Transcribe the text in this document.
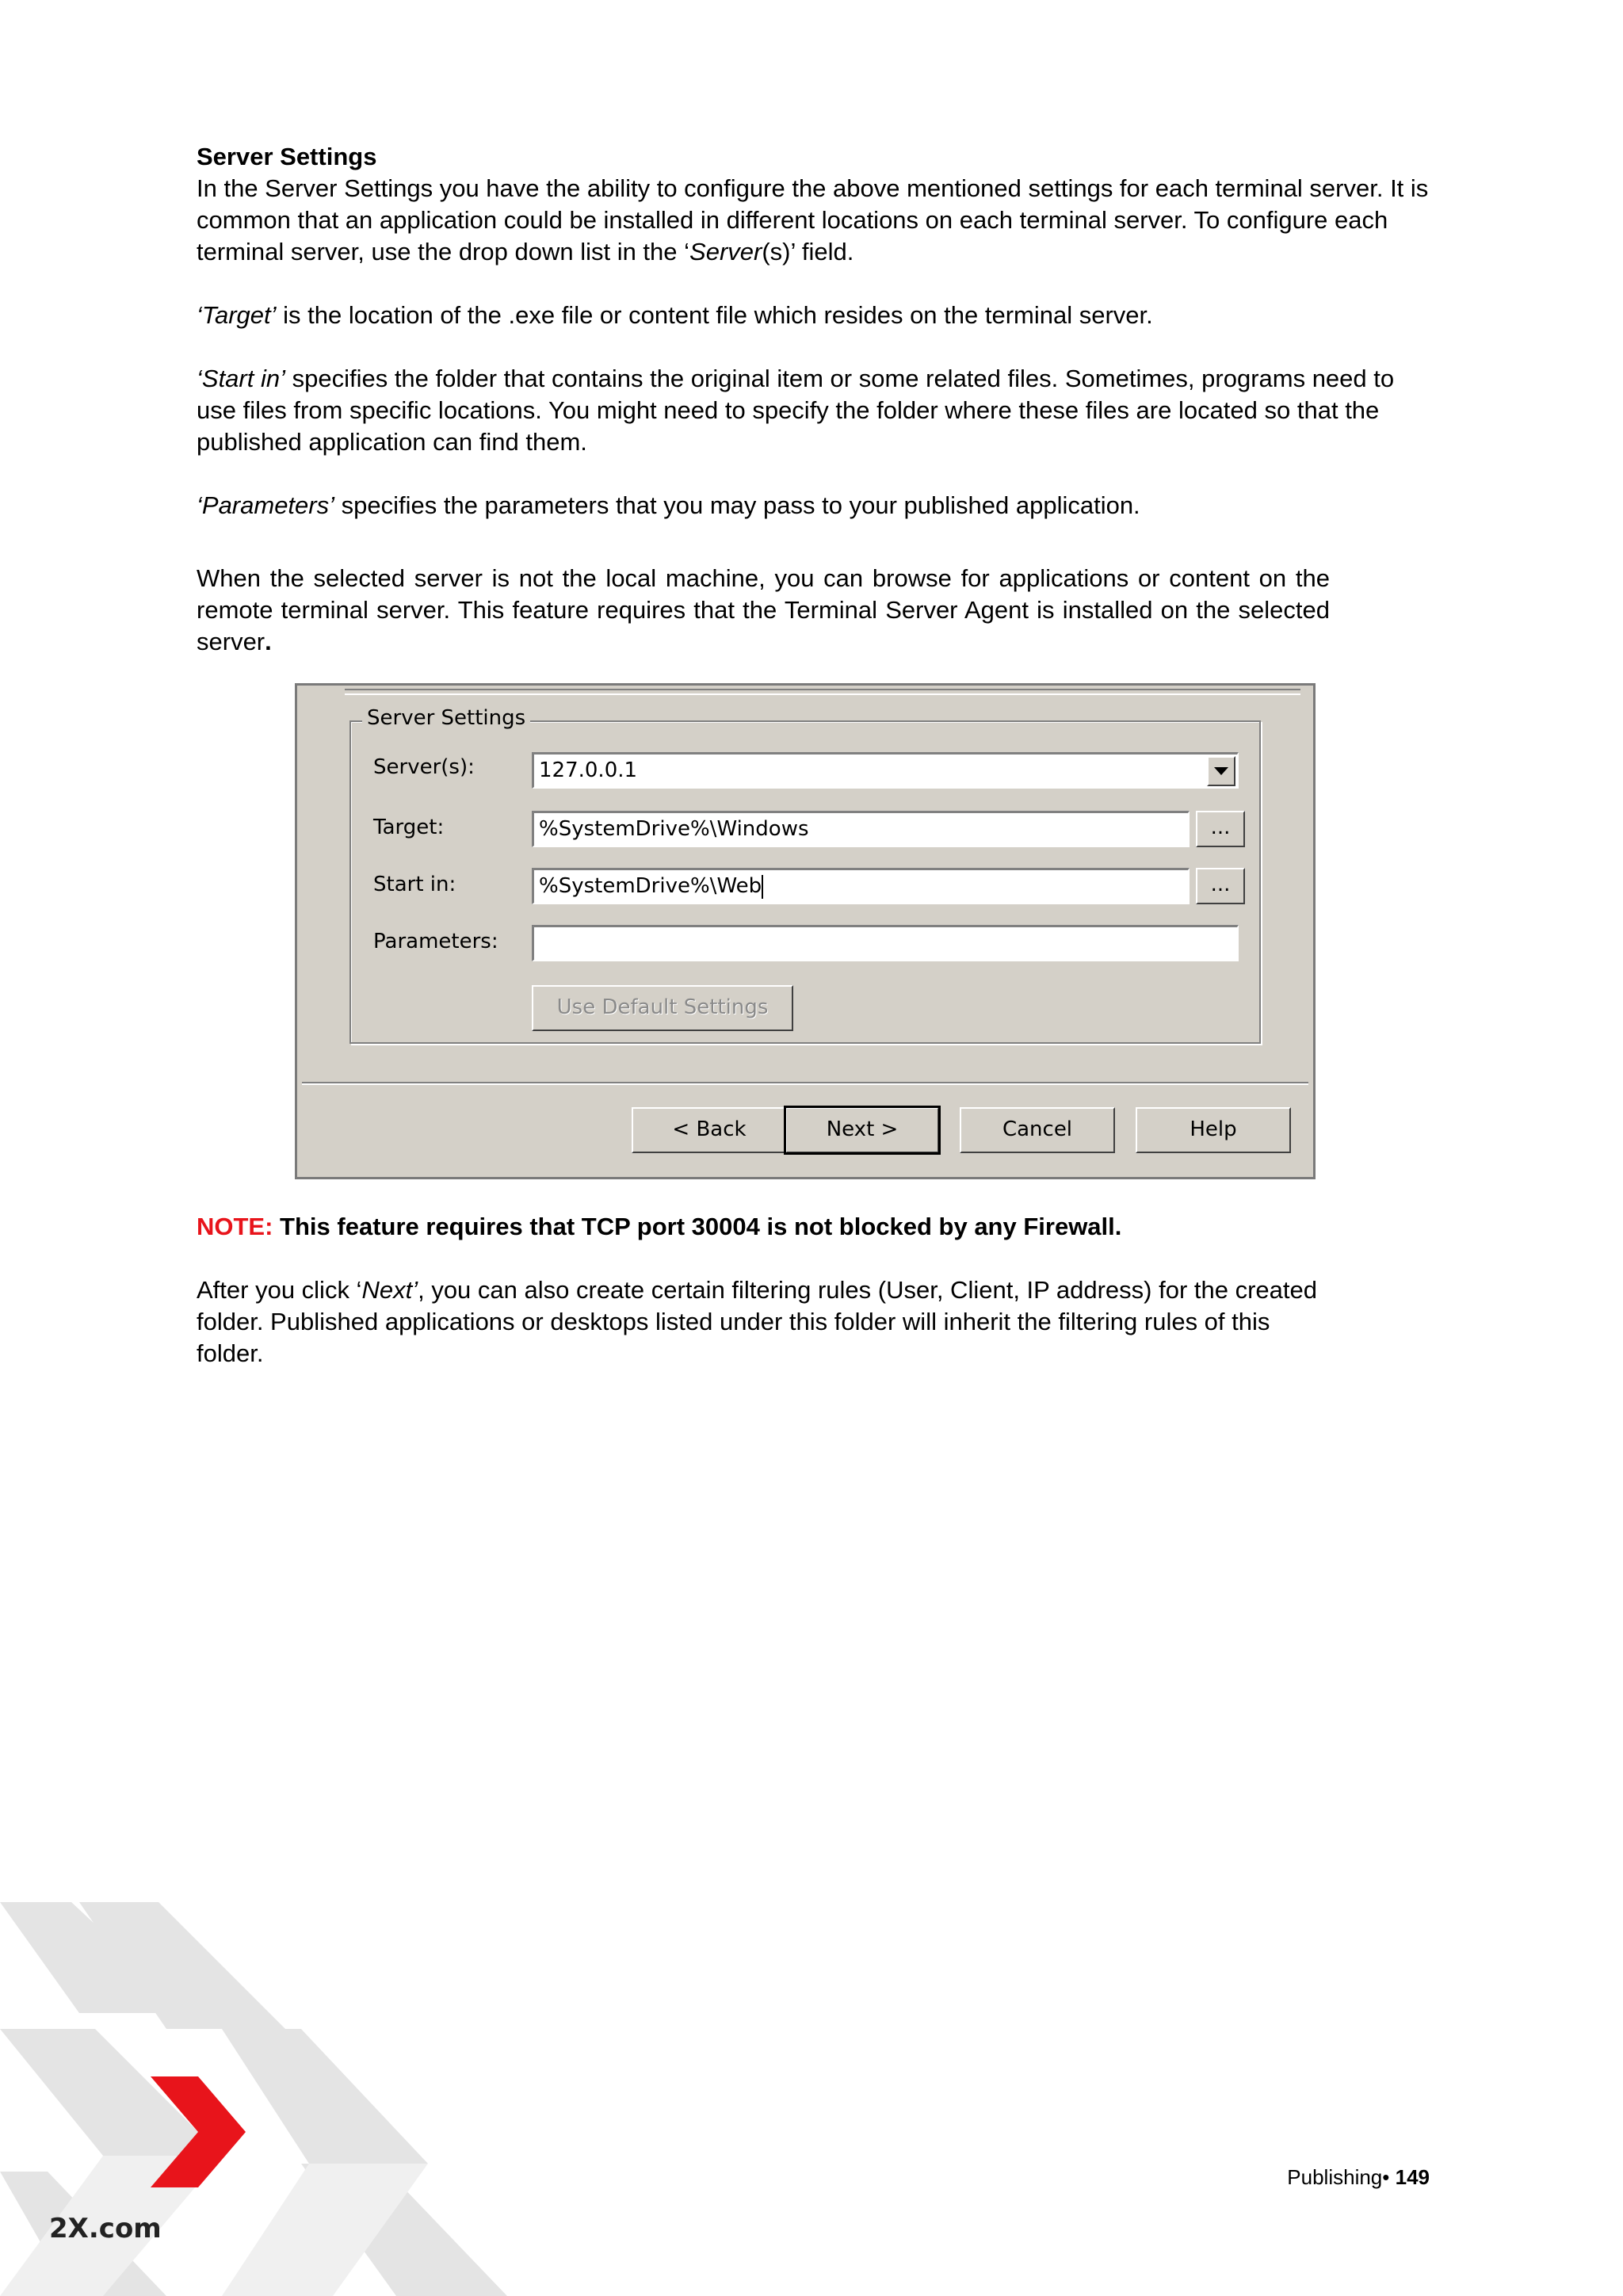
Server Settings

In the Server Settings you have the ability to configure the above mentioned settings for each terminal server. It is common that an application could be installed in different locations on each terminal server. To configure each terminal server, use the drop down list in the ‘Server(s)’ field.

‘Target’ is the location of the .exe file or content file which resides on the terminal server.

‘Start in’ specifies the folder that contains the original item or some related files. Sometimes, programs need to use files from specific locations. You might need to specify the folder where these files are located so that the published application can find them.

‘Parameters’ specifies the parameters that you may pass to your published application.

When the selected server is not the local machine, you can browse for applications or content on the remote terminal server. This feature requires that the Terminal Server Agent is installed on the selected server.

Server Settings
Server(s):	127.0.0.1
Target:	%SystemDrive%\Windows	...
Start in:	%SystemDrive%\Web	...
Parameters:
Use Default Settings
< Back	Next >	Cancel	Help

NOTE: This feature requires that TCP port 30004 is not blocked by any Firewall.

After you click ‘Next’, you can also create certain filtering rules (User, Client, IP address) for the created folder. Published applications or desktops listed under this folder will inherit the filtering rules of this folder.

2X.com
Publishing• 149
